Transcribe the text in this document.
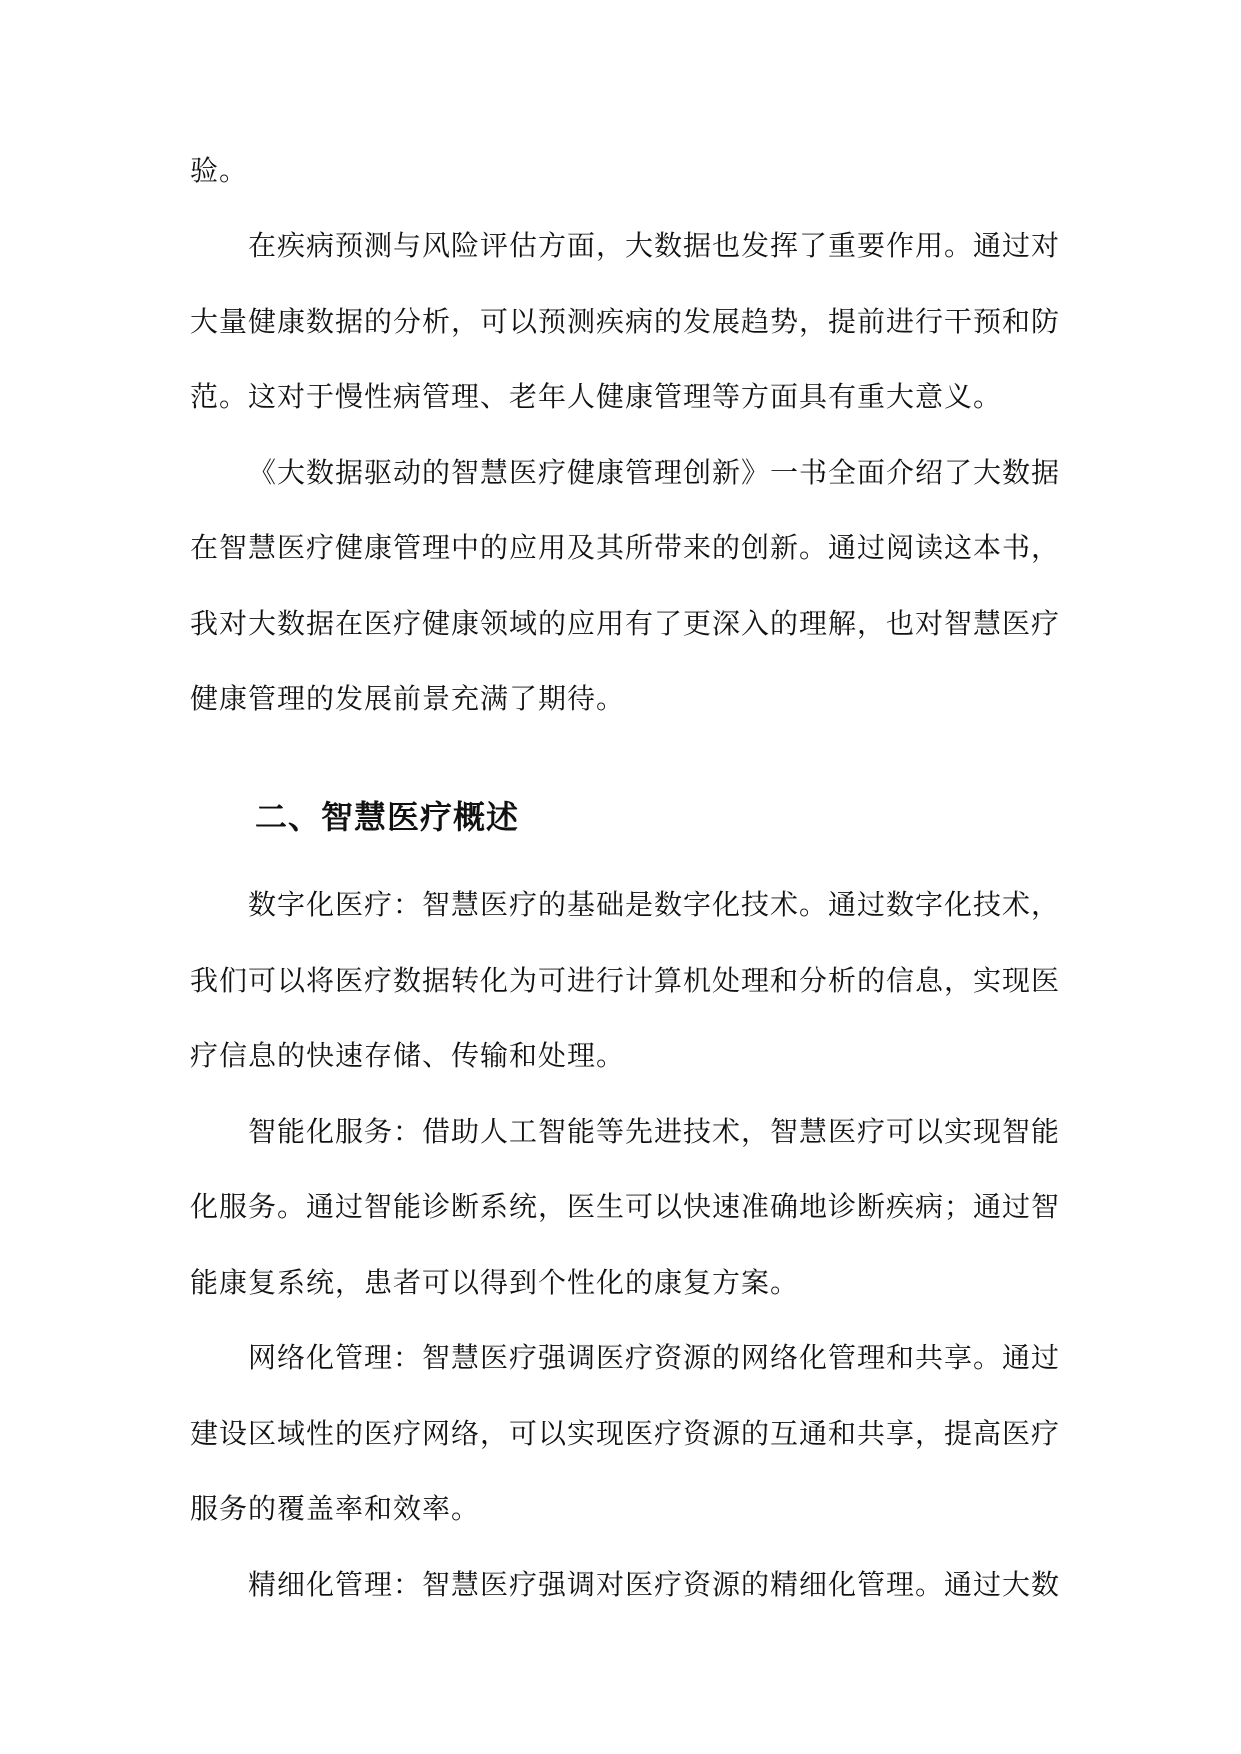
验。
在疾病预测与风险评估方面，大数据也发挥了重要作用。通过对
大量健康数据的分析，可以预测疾病的发展趋势，提前进行干预和防
范。这对于慢性病管理、老年人健康管理等方面具有重大意义。
《大数据驱动的智慧医疗健康管理创新》一书全面介绍了大数据
在智慧医疗健康管理中的应用及其所带来的创新。通过阅读这本书，
我对大数据在医疗健康领域的应用有了更深入的理解，也对智慧医疗
健康管理的发展前景充满了期待。
二、智慧医疗概述
数字化医疗：智慧医疗的基础是数字化技术。通过数字化技术，
我们可以将医疗数据转化为可进行计算机处理和分析的信息，实现医
疗信息的快速存储、传输和处理。
智能化服务：借助人工智能等先进技术，智慧医疗可以实现智能
化服务。通过智能诊断系统，医生可以快速准确地诊断疾病；通过智
能康复系统，患者可以得到个性化的康复方案。
网络化管理：智慧医疗强调医疗资源的网络化管理和共享。通过
建设区域性的医疗网络，可以实现医疗资源的互通和共享，提高医疗
服务的覆盖率和效率。
精细化管理：智慧医疗强调对医疗资源的精细化管理。通过大数
